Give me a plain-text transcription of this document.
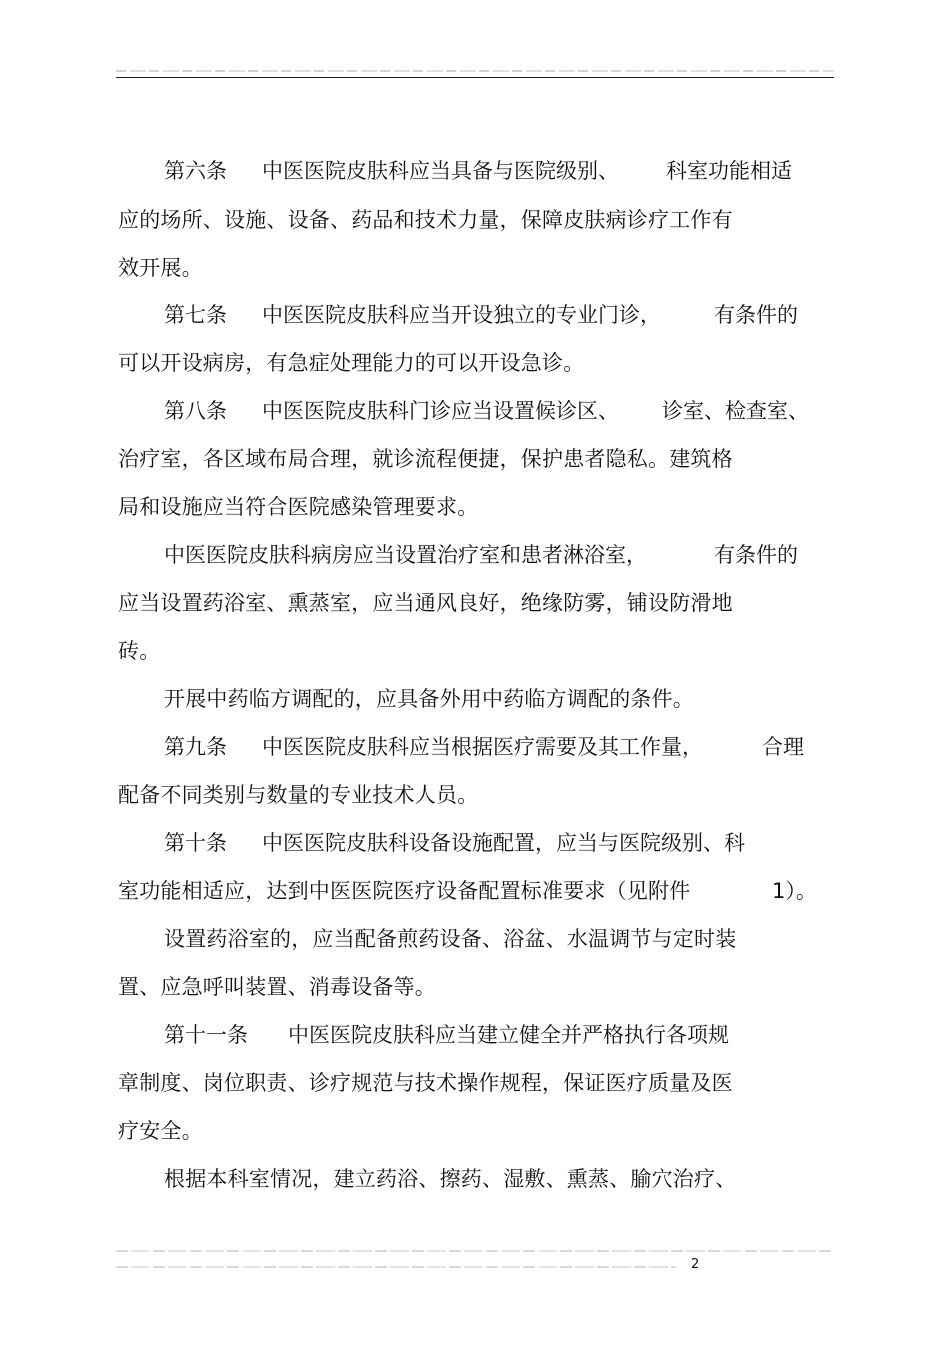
第六条 中医医院皮肤科应当具备与医院级别、 科室功能相适
应的场所、设施、设备、药品和技术力量，保障皮肤病诊疗工作有
效开展。
第七条 中医医院皮肤科应当开设独立的专业门诊，	有条件的
可以开设病房，有急症处理能力的可以开设急诊。
第八条 中医医院皮肤科门诊应当设置候诊区、 诊室、检查室、
治疗室，各区域布局合理，就诊流程便捷，保护患者隐私。建筑格
局和设施应当符合医院感染管理要求。
中医医院皮肤科病房应当设置治疗室和患者淋浴室，	有条件的
应当设置药浴室、熏蒸室，应当通风良好，绝缘防雾，铺设防滑地
砖。
开展中药临方调配的，应具备外用中药临方调配的条件。
第九条 中医医院皮肤科应当根据医疗需要及其工作量，	合理
配备不同类别与数量的专业技术人员。
第十条 中医医院皮肤科设备设施配置，应当与医院级别、科
室功能相适应，达到中医医院医疗设备配置标准要求（见附件	1）。
设置药浴室的，应当配备煎药设备、浴盆、水温调节与定时装
置、应急呼叫装置、消毒设备等。
第十一条 中医医院皮肤科应当建立健全并严格执行各项规
章制度、岗位职责、诊疗规范与技术操作规程，保证医疗质量及医
疗安全。
根据本科室情况，建立药浴、擦药、湿敷、熏蒸、腧穴治疗、
2
